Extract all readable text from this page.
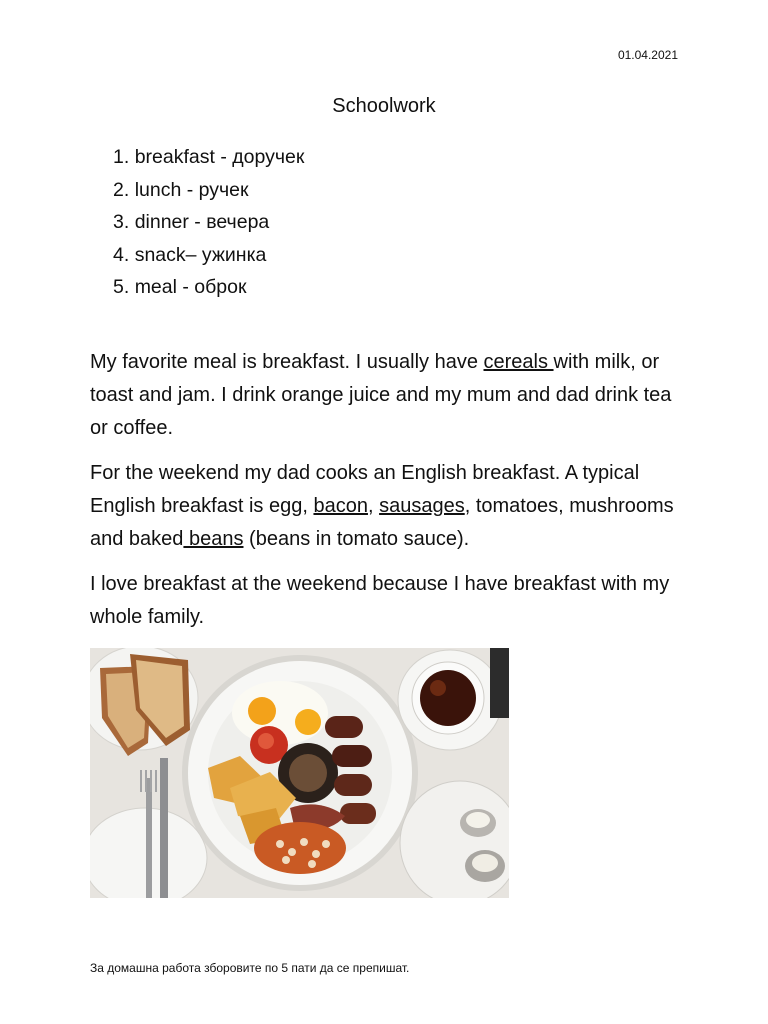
01.04.2021
Schoolwork
1. breakfast - доручек
2. lunch - ручек
3. dinner - вечера
4. snack– ужинка
5. meal - оброк

My favorite meal is breakfast. I usually have cereals with milk, or toast and jam. I drink orange juice and my mum and dad drink tea or coffee.

For the weekend my dad cooks an English breakfast. A typical English breakfast is egg, bacon, sausages, tomatoes, mushrooms and baked beans (beans in tomato sauce).

I love breakfast at the weekend because I have breakfast with my whole family.

За домашна работа зборовите по 5 пати да се препишат.
